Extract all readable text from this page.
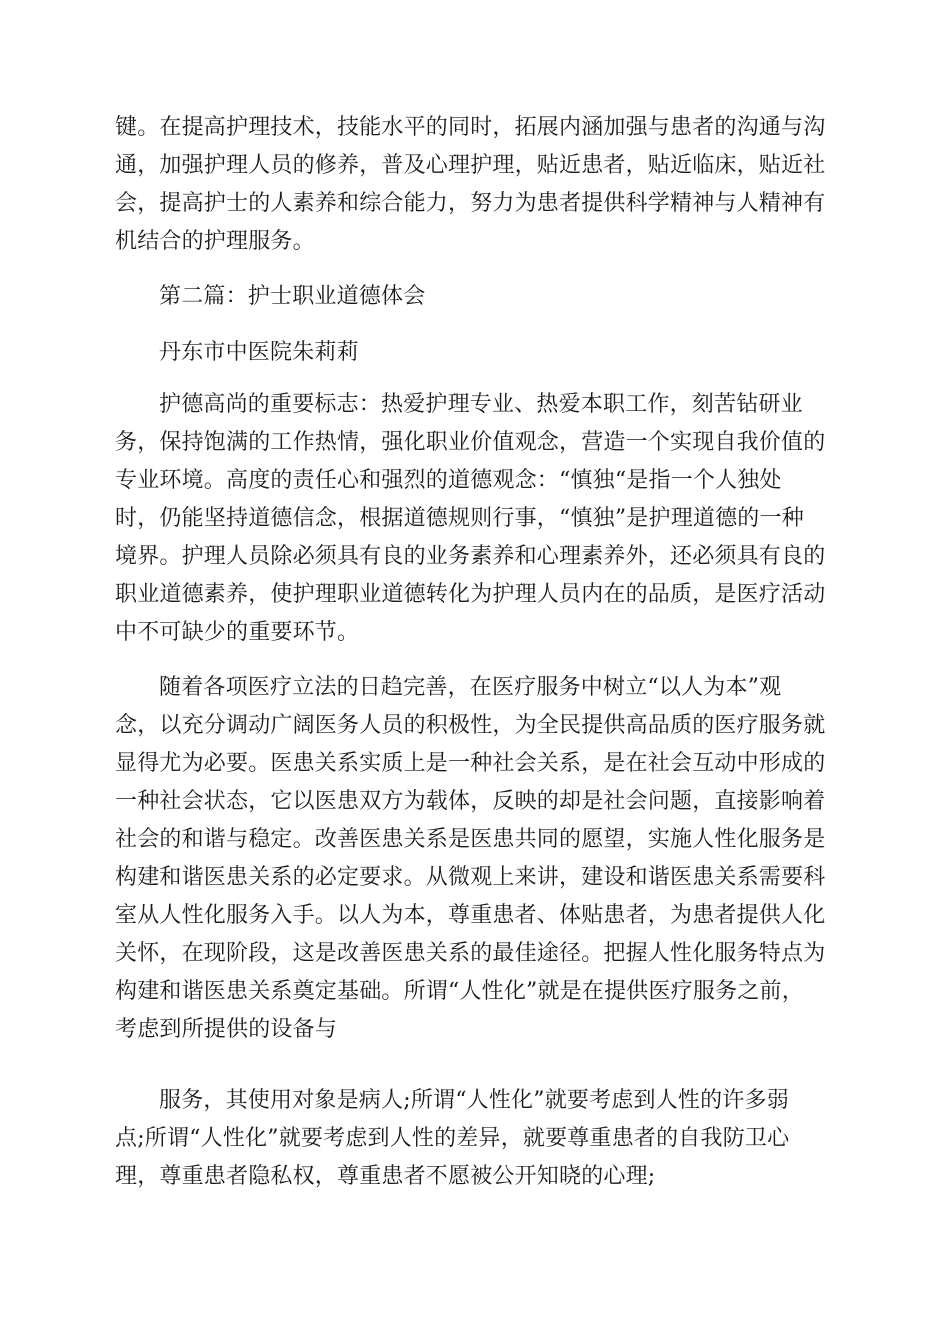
键。在提高护理技术，技能水平的同时，拓展内涵加强与患者的沟通与沟
通，加强护理人员的修养，普及心理护理，贴近患者，贴近临床，贴近社
会，提高护士的人素养和综合能力，努力为患者提供科学精神与人精神有
机结合的护理服务。
第二篇：护士职业道德体会
丹东市中医院朱莉莉
护德高尚的重要标志：热爱护理专业、热爱本职工作，刻苦钻研业
务，保持饱满的工作热情，强化职业价值观念，营造一个实现自我价值的
专业环境。高度的责任心和强烈的道德观念：“慎独“是指一个人独处
时，仍能坚持道德信念，根据道德规则行事，“慎独”是护理道德的一种
境界。护理人员除必须具有良的业务素养和心理素养外，还必须具有良的
职业道德素养，使护理职业道德转化为护理人员内在的品质，是医疗活动
中不可缺少的重要环节。
随着各项医疗立法的日趋完善，在医疗服务中树立“以人为本”观
念，以充分调动广阔医务人员的积极性，为全民提供高品质的医疗服务就
显得尤为必要。医患关系实质上是一种社会关系，是在社会互动中形成的
一种社会状态，它以医患双方为载体，反映的却是社会问题，直接影响着
社会的和谐与稳定。改善医患关系是医患共同的愿望，实施人性化服务是
构建和谐医患关系的必定要求。从微观上来讲，建设和谐医患关系需要科
室从人性化服务入手。以人为本，尊重患者、体贴患者，为患者提供人化
关怀，在现阶段，这是改善医患关系的最佳途径。把握人性化服务特点为
构建和谐医患关系奠定基础。所谓“人性化”就是在提供医疗服务之前，
考虑到所提供的设备与
服务，其使用对象是病人;所谓“人性化”就要考虑到人性的许多弱
点;所谓“人性化”就要考虑到人性的差异，就要尊重患者的自我防卫心
理，尊重患者隐私权，尊重患者不愿被公开知晓的心理;
